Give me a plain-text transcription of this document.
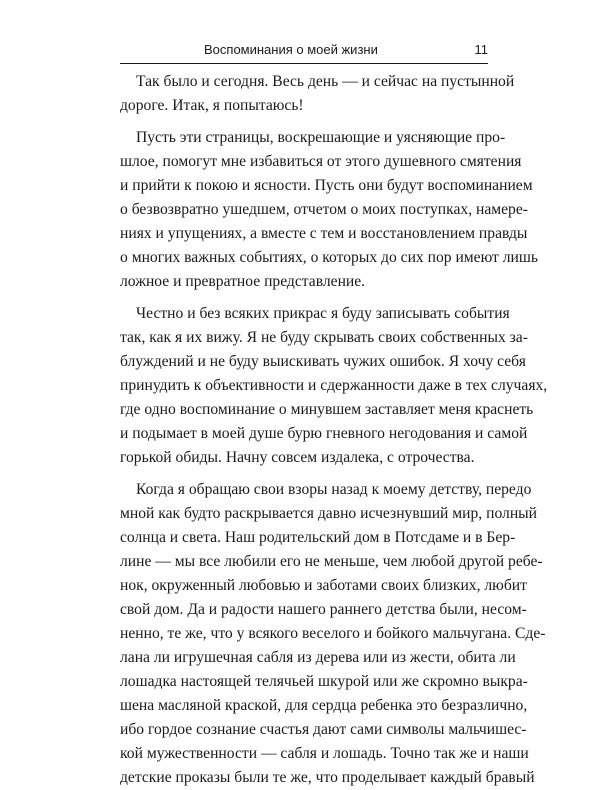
Воспоминания о моей жизни	11
Так было и сегодня. Весь день — и сейчас на пустынной
дороге. Итак, я попытаюсь!
Пусть эти страницы, воскрешающие и уясняющие про-
шлое, помогут мне избавиться от этого душевного смятения
и прийти к покою и ясности. Пусть они будут воспоминанием
о безвозвратно ушедшем, отчетом о моих поступках, намере-
ниях и упущениях, а вместе с тем и восстановлением правды
о многих важных событиях, о которых до сих пор имеют лишь
ложное и превратное представление.
Честно и без всяких прикрас я буду записывать события
так, как я их вижу. Я не буду скрывать своих собственных за-
блуждений и не буду выискивать чужих ошибок. Я хочу себя
принудить к объективности и сдержанности даже в тех случаях,
где одно воспоминание о минувшем заставляет меня краснеть
и подымает в моей душе бурю гневного негодования и самой
горькой обиды. Начну совсем издалека, с отрочества.
Когда я обращаю свои взоры назад к моему детству, передо
мной как будто раскрывается давно исчезнувший мир, полный
солнца и света. Наш родительский дом в Потсдаме и в Бер-
лине — мы все любили его не меньше, чем любой другой ребе-
нок, окруженный любовью и заботами своих близких, любит
свой дом. Да и радости нашего раннего детства были, несом-
ненно, те же, что у всякого веселого и бойкого мальчугана. Сде-
лана ли игрушечная сабля из дерева или из жести, обита ли
лошадка настоящей телячьей шкурой или же скромно выкра-
шена масляной краской, для сердца ребенка это безразлично,
ибо гордое сознание счастья дают сами символы мальчишес-
кой мужественности — сабля и лошадь. Точно так же и наши
детские проказы были те же, что проделывает каждый бравый
